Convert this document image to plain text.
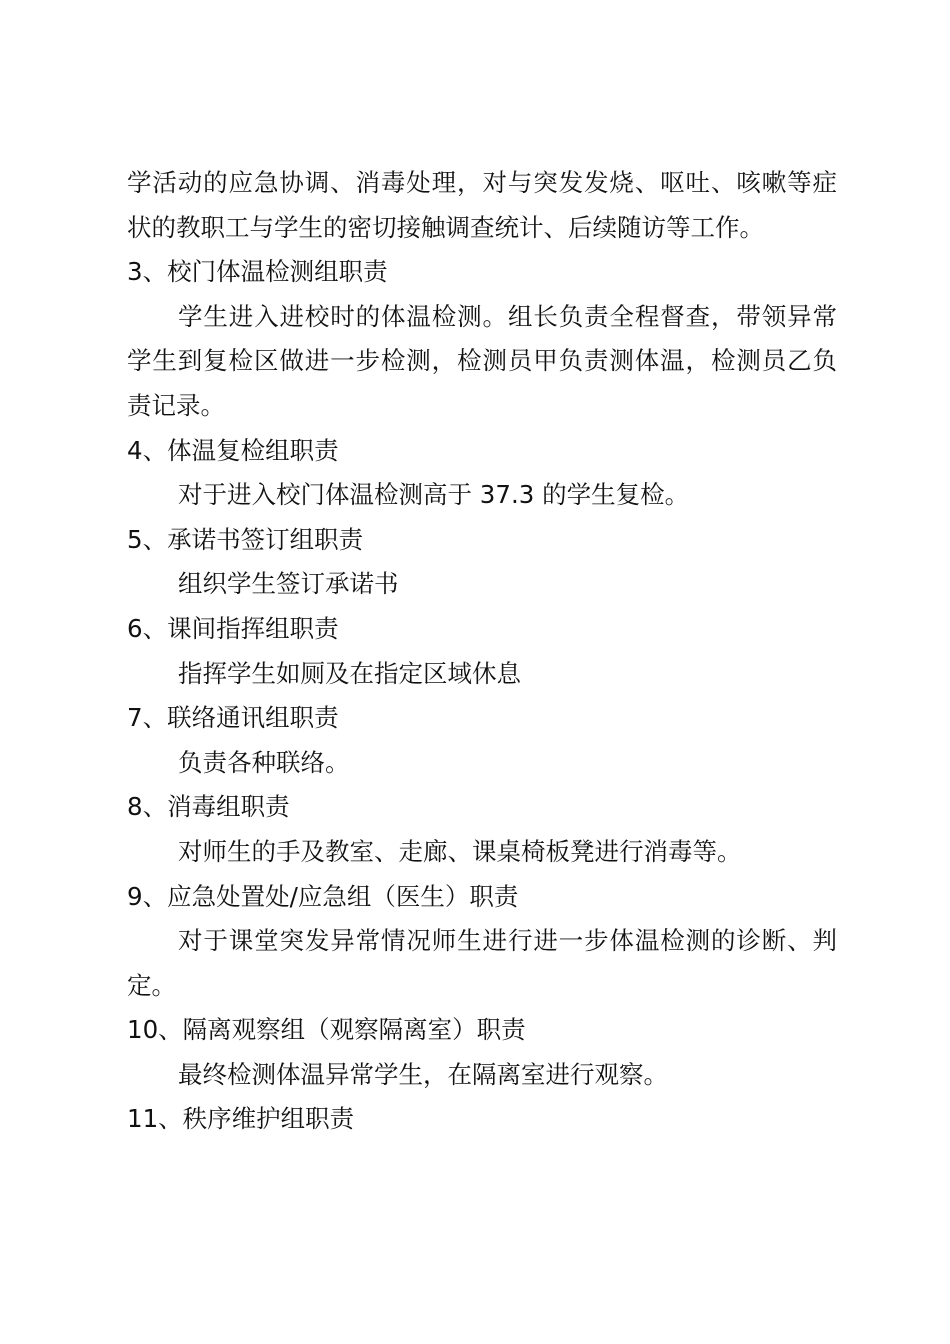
学活动的应急协调、消毒处理，对与突发发烧、呕吐、咳嗽等症状的教职工与学生的密切接触调查统计、后续随访等工作。

3、校门体温检测组职责

学生进入进校时的体温检测。组长负责全程督查，带领异常学生到复检区做进一步检测，检测员甲负责测体温，检测员乙负责记录。

4、体温复检组职责

对于进入校门体温检测高于 37.3 的学生复检。

5、承诺书签订组职责

组织学生签订承诺书

6、课间指挥组职责

指挥学生如厕及在指定区域休息

7、联络通讯组职责

负责各种联络。

8、消毒组职责

对师生的手及教室、走廊、课桌椅板凳进行消毒等。

9、应急处置处/应急组（医生）职责

对于课堂突发异常情况师生进行进一步体温检测的诊断、判定。

10、隔离观察组（观察隔离室）职责

最终检测体温异常学生，在隔离室进行观察。

11、秩序维护组职责
